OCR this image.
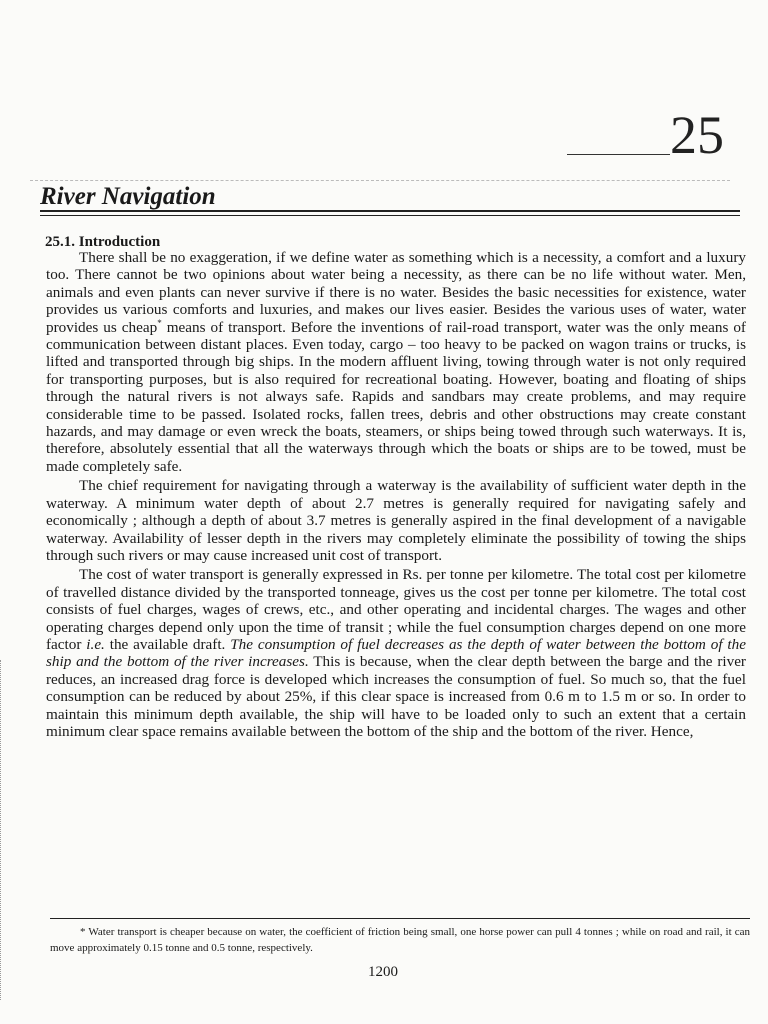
25
River Navigation
25.1. Introduction

There shall be no exaggeration, if we define water as something which is a necessity, a comfort and a luxury too. There cannot be two opinions about water being a necessity, as there can be no life without water. Men, animals and even plants can never survive if there is no water. Besides the basic necessities for existence, water provides us various comforts and luxuries, and makes our lives easier. Besides the various uses of water, water provides us cheap* means of transport. Before the inventions of rail-road transport, water was the only means of communication between distant places. Even today, cargo – too heavy to be packed on wagon trains or trucks, is lifted and transported through big ships. In the modern affluent living, towing through water is not only required for transporting purposes, but is also required for recreational boating. However, boating and floating of ships through the natural rivers is not always safe. Rapids and sandbars may create problems, and may require considerable time to be passed. Isolated rocks, fallen trees, debris and other obstructions may create constant hazards, and may damage or even wreck the boats, steamers, or ships being towed through such waterways. It is, therefore, absolutely essential that all the waterways through which the boats or ships are to be towed, must be made completely safe.

The chief requirement for navigating through a waterway is the availability of sufficient water depth in the waterway. A minimum water depth of about 2.7 metres is generally required for navigating safely and economically ; although a depth of about 3.7 metres is generally aspired in the final development of a navigable waterway. Availability of lesser depth in the rivers may completely eliminate the possibility of towing the ships through such rivers or may cause increased unit cost of transport.

The cost of water transport is generally expressed in Rs. per tonne per kilometre. The total cost per kilometre of travelled distance divided by the transported tonneage, gives us the cost per tonne per kilometre. The total cost consists of fuel charges, wages of crews, etc., and other operating and incidental charges. The wages and other operating charges depend only upon the time of transit ; while the fuel consumption charges depend on one more factor i.e. the available draft. The consumption of fuel decreases as the depth of water between the bottom of the ship and the bottom of the river increases. This is because, when the clear depth between the barge and the river reduces, an increased drag force is developed which increases the consumption of fuel. So much so, that the fuel consumption can be reduced by about 25%, if this clear space is increased from 0.6 m to 1.5 m or so. In order to maintain this minimum depth available, the ship will have to be loaded only to such an extent that a certain minimum clear space remains available between the bottom of the ship and the bottom of the river. Hence,

* Water transport is cheaper because on water, the coefficient of friction being small, one horse power can pull 4 tonnes ; while on road and rail, it can move approximately 0.15 tonne and 0.5 tonne, respectively.

1200
